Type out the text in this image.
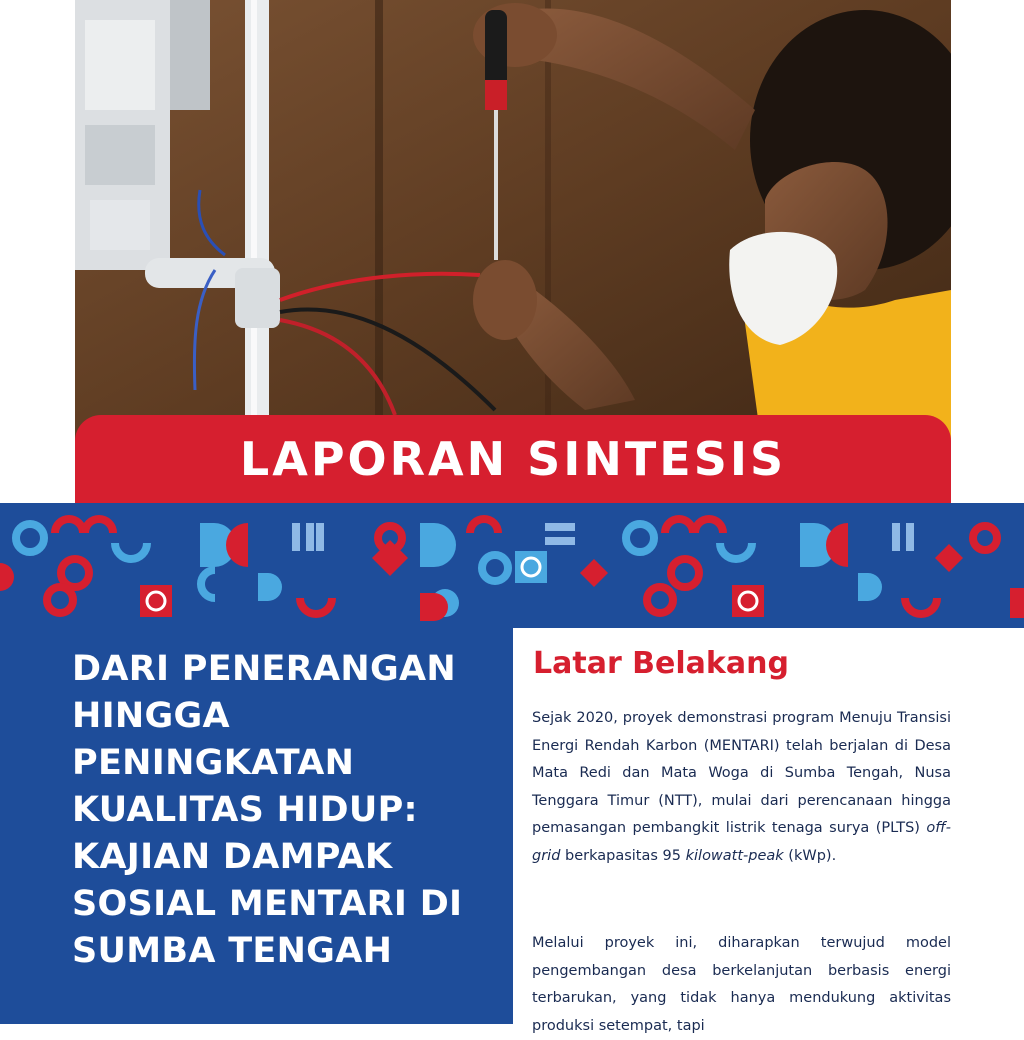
LAPORAN SINTESIS
DARI PENERANGAN HINGGA PENINGKATAN KUALITAS HIDUP: KAJIAN DAMPAK SOSIAL MENTARI DI SUMBA TENGAH
Latar Belakang

Sejak 2020, proyek demonstrasi program Menuju Transisi Energi Rendah Karbon (MENTARI) telah berjalan di Desa Mata Redi dan Mata Woga di Sumba Tengah, Nusa Tenggara Timur (NTT), mulai dari perencanaan hingga pemasangan pembangkit listrik tenaga surya (PLTS) off-grid berkapasitas 95 kilowatt-peak (kWp).

Melalui proyek ini, diharapkan terwujud model pengembangan desa berkelanjutan berbasis energi terbarukan, yang tidak hanya mendukung aktivitas produksi setempat, tapi
